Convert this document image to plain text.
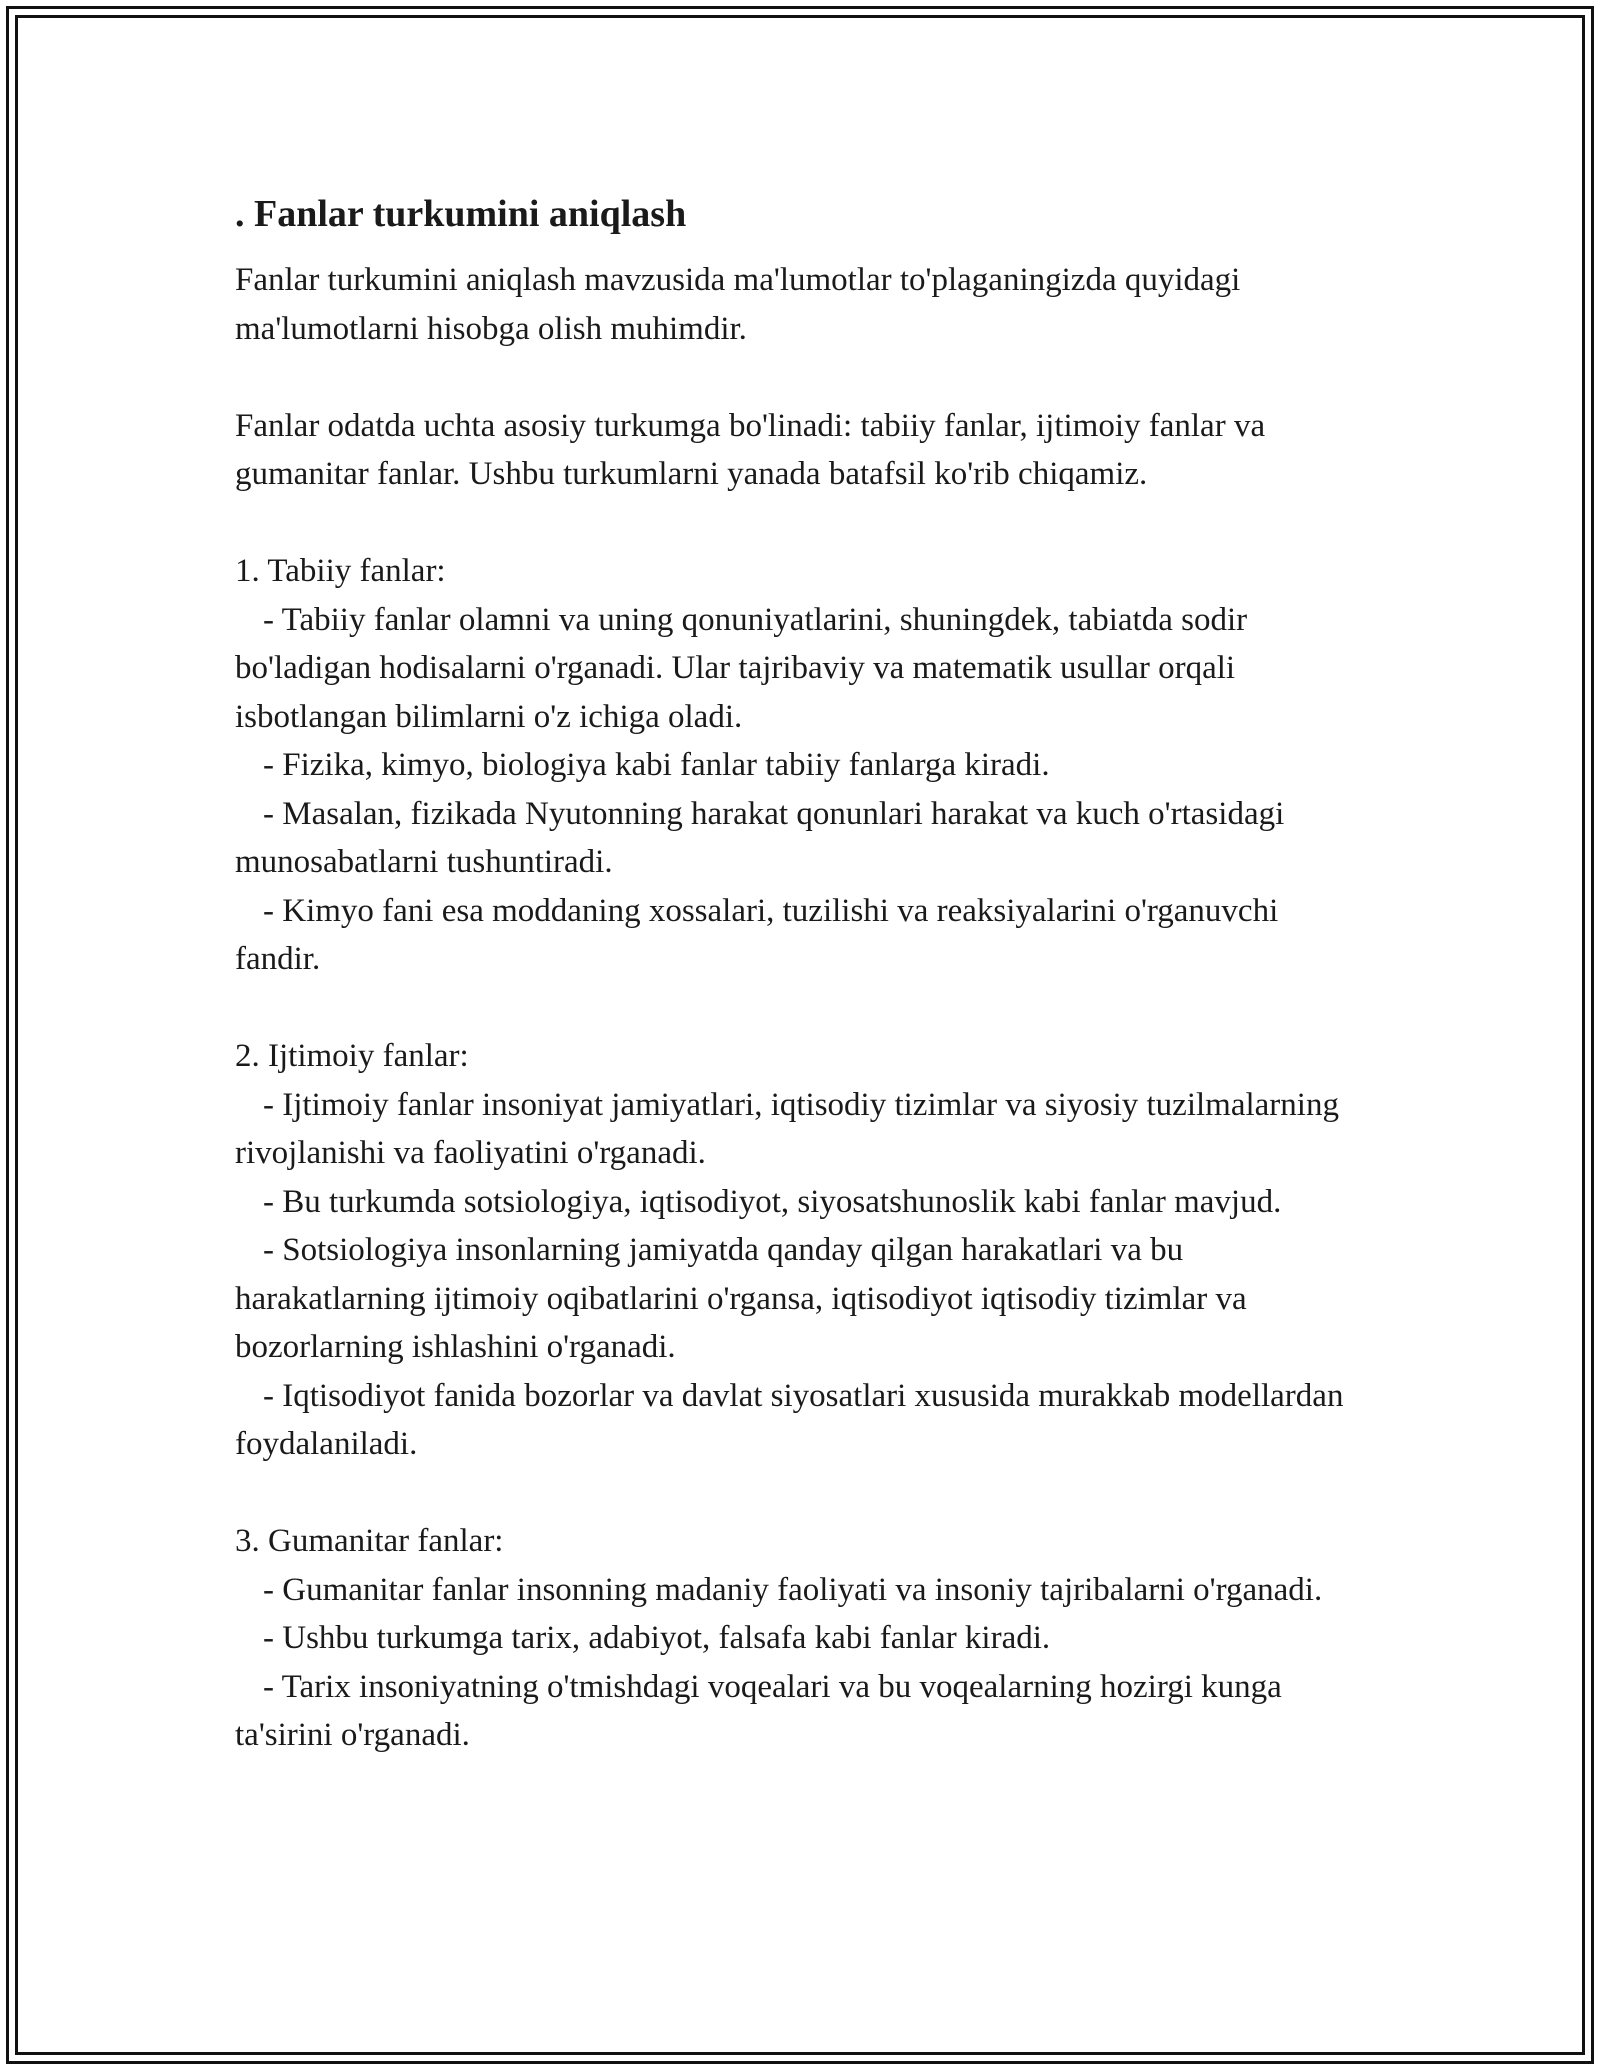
. Fanlar turkumini aniqlash

Fanlar turkumini aniqlash mavzusida ma'lumotlar to'plaganingizda quyidagi ma'lumotlarni hisobga olish muhimdir.

Fanlar odatda uchta asosiy turkumga bo'linadi: tabiiy fanlar, ijtimoiy fanlar va gumanitar fanlar. Ushbu turkumlarni yanada batafsil ko'rib chiqamiz.

1. Tabiiy fanlar:

- Tabiiy fanlar olamni va uning qonuniyatlarini, shuningdek, tabiatda sodir bo'ladigan hodisalarni o'rganadi. Ular tajribaviy va matematik usullar orqali isbotlangan bilimlarni o'z ichiga oladi.

- Fizika, kimyo, biologiya kabi fanlar tabiiy fanlarga kiradi.

- Masalan, fizikada Nyutonning harakat qonunlari harakat va kuch o'rtasidagi munosabatlarni tushuntiradi.

- Kimyo fani esa moddaning xossalari, tuzilishi va reaksiyalarini o'rganuvchi fandir.

2. Ijtimoiy fanlar:

- Ijtimoiy fanlar insoniyat jamiyatlari, iqtisodiy tizimlar va siyosiy tuzilmalarning rivojlanishi va faoliyatini o'rganadi.

- Bu turkumda sotsiologiya, iqtisodiyot, siyosatshunoslik kabi fanlar mavjud.

- Sotsiologiya insonlarning jamiyatda qanday qilgan harakatlari va bu harakatlarning ijtimoiy oqibatlarini o'rgansa, iqtisodiyot iqtisodiy tizimlar va bozorlarning ishlashini o'rganadi.

- Iqtisodiyot fanida bozorlar va davlat siyosatlari xususida murakkab modellardan foydalaniladi.

3. Gumanitar fanlar:

- Gumanitar fanlar insonning madaniy faoliyati va insoniy tajribalarni o'rganadi.

- Ushbu turkumga tarix, adabiyot, falsafa kabi fanlar kiradi.

- Tarix insoniyatning o'tmishdagi voqealari va bu voqealarning hozirgi kunga ta'sirini o'rganadi.
